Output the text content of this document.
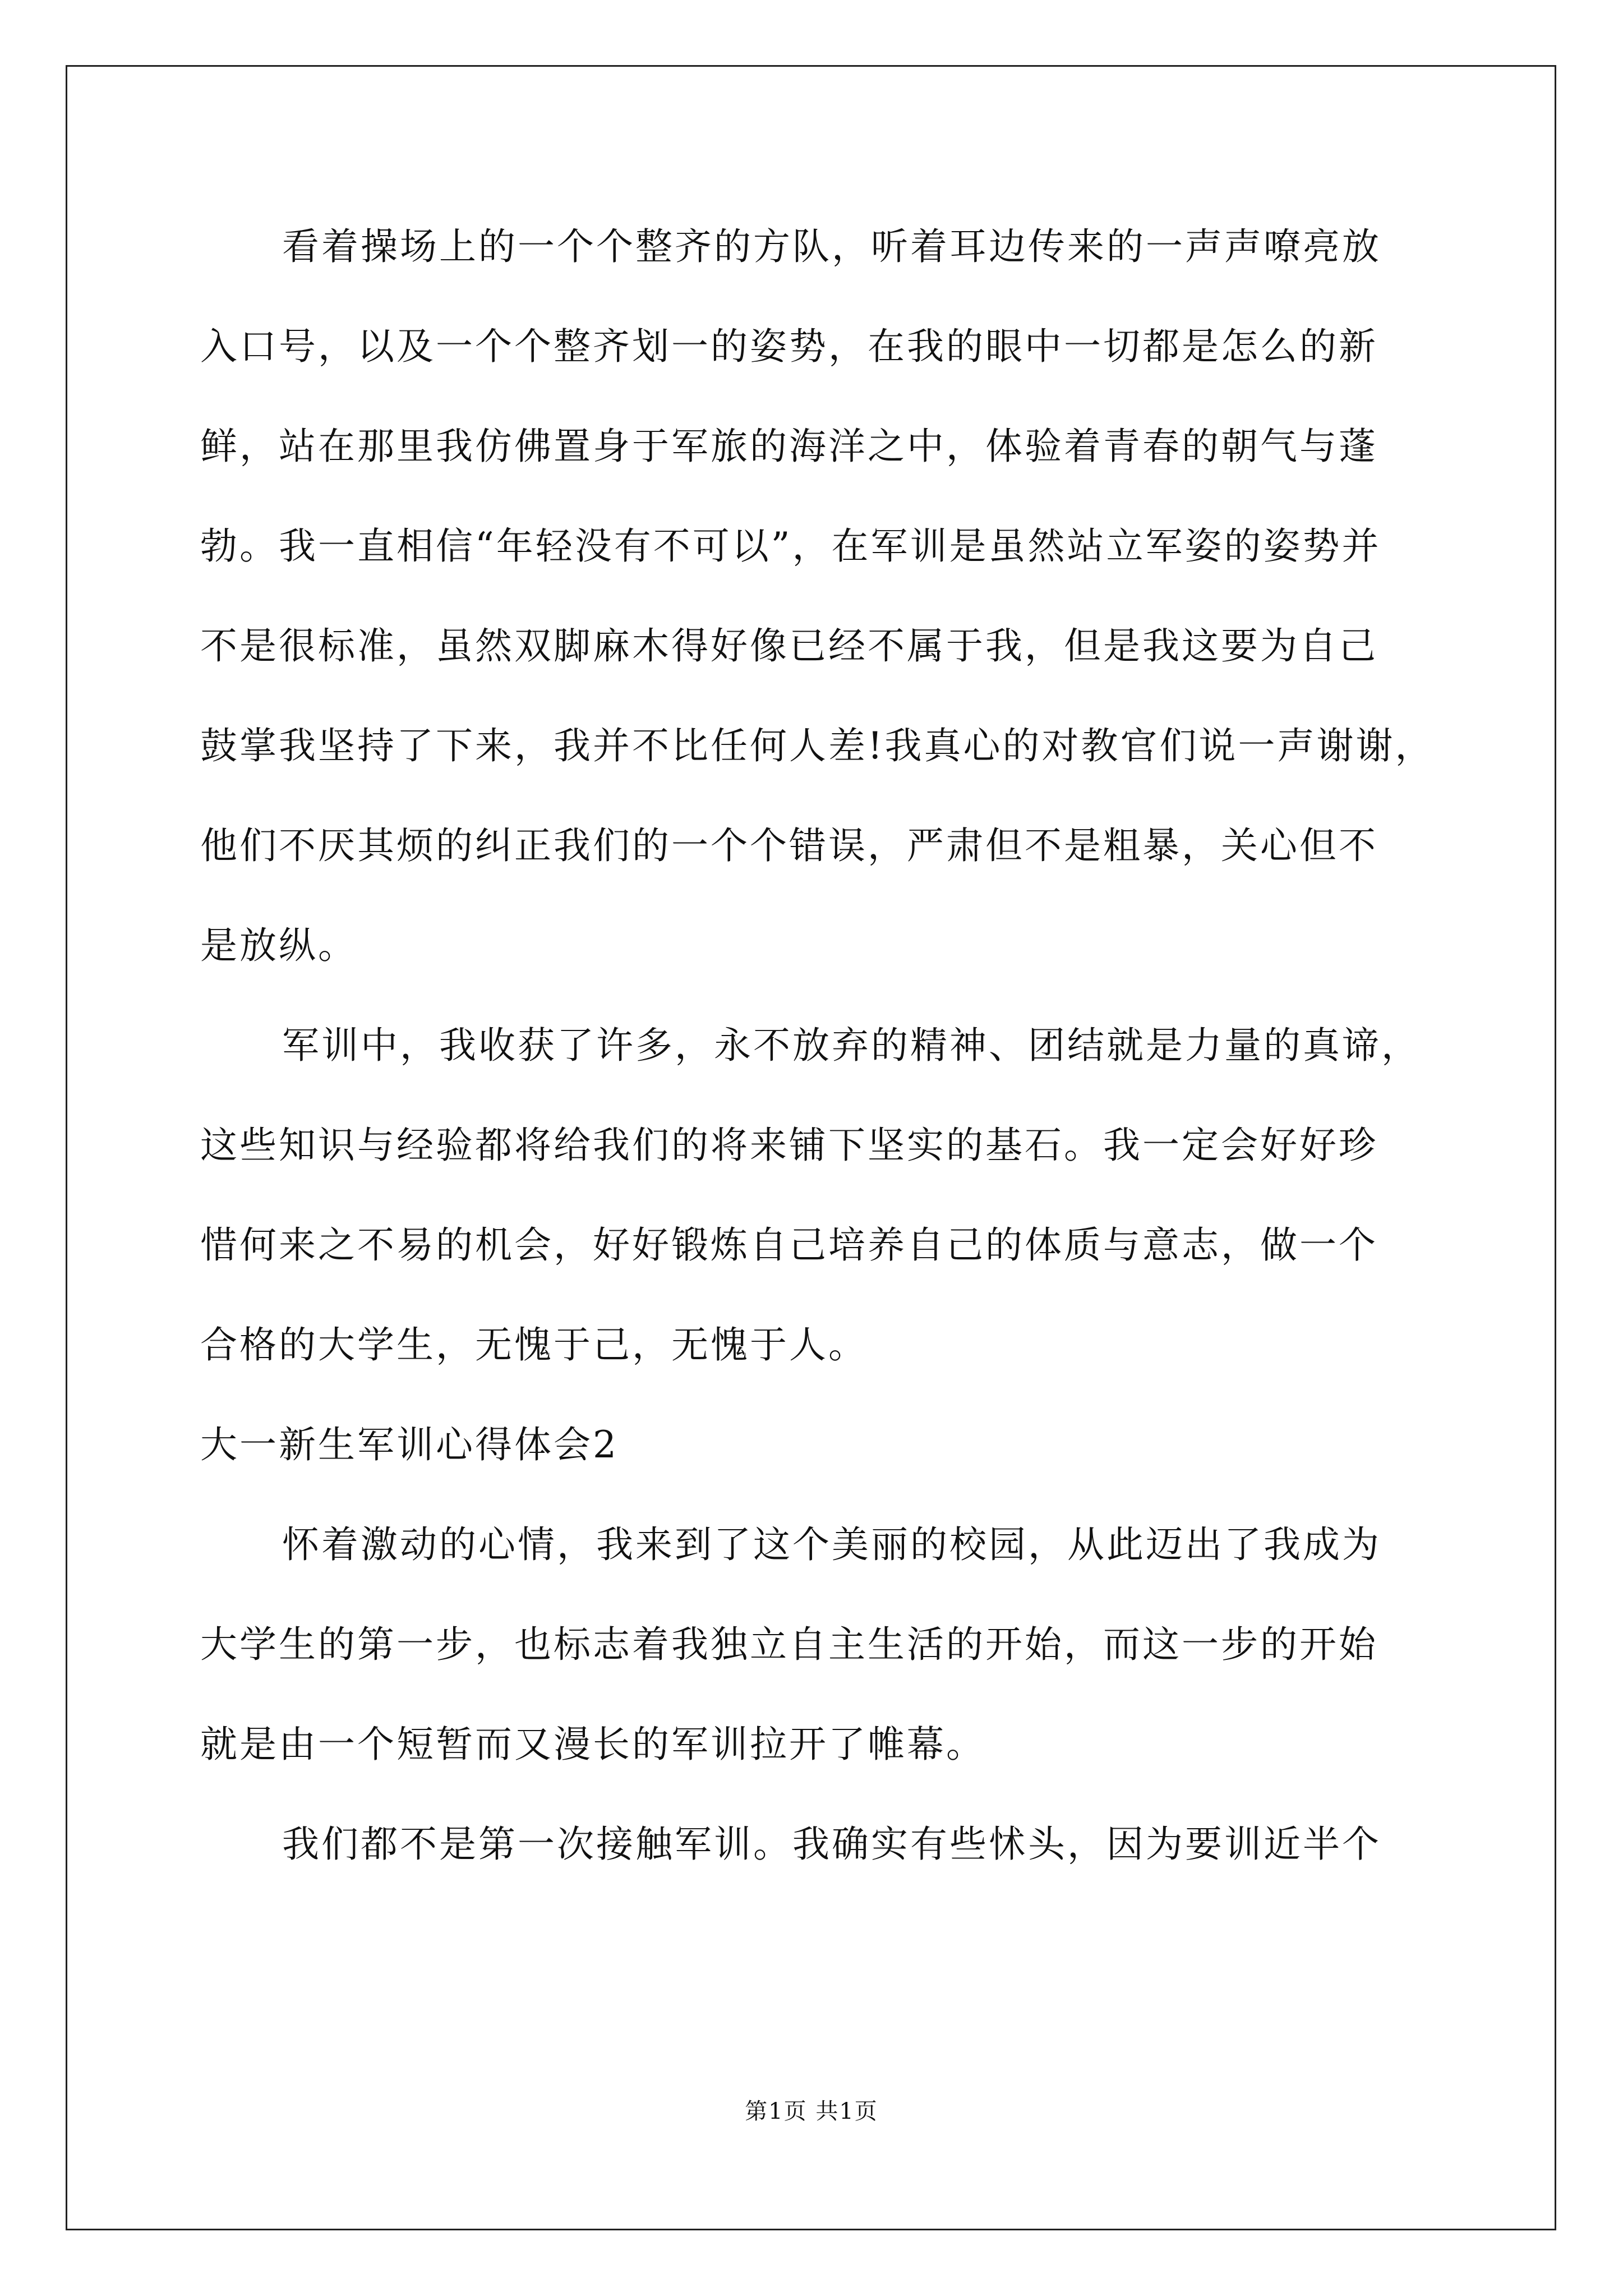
看着操场上的一个个整齐的方队，听着耳边传来的一声声嘹亮放
入口号，以及一个个整齐划一的姿势，在我的眼中一切都是怎么的新
鲜，站在那里我仿佛置身于军旅的海洋之中，体验着青春的朝气与蓬
勃。我一直相信“年轻没有不可以”，在军训是虽然站立军姿的姿势并
不是很标准，虽然双脚麻木得好像已经不属于我，但是我这要为自己
鼓掌我坚持了下来，我并不比任何人差!我真心的对教官们说一声谢谢，
他们不厌其烦的纠正我们的一个个错误，严肃但不是粗暴，关心但不
是放纵。
军训中，我收获了许多，永不放弃的精神、团结就是力量的真谛，
这些知识与经验都将给我们的将来铺下坚实的基石。我一定会好好珍
惜何来之不易的机会，好好锻炼自己培养自己的体质与意志，做一个
合格的大学生，无愧于己，无愧于人。
大一新生军训心得体会2
怀着激动的心情，我来到了这个美丽的校园，从此迈出了我成为
大学生的第一步，也标志着我独立自主生活的开始，而这一步的开始
就是由一个短暂而又漫长的军训拉开了帷幕。
我们都不是第一次接触军训。我确实有些怵头，因为要训近半个
第1页 共1页
